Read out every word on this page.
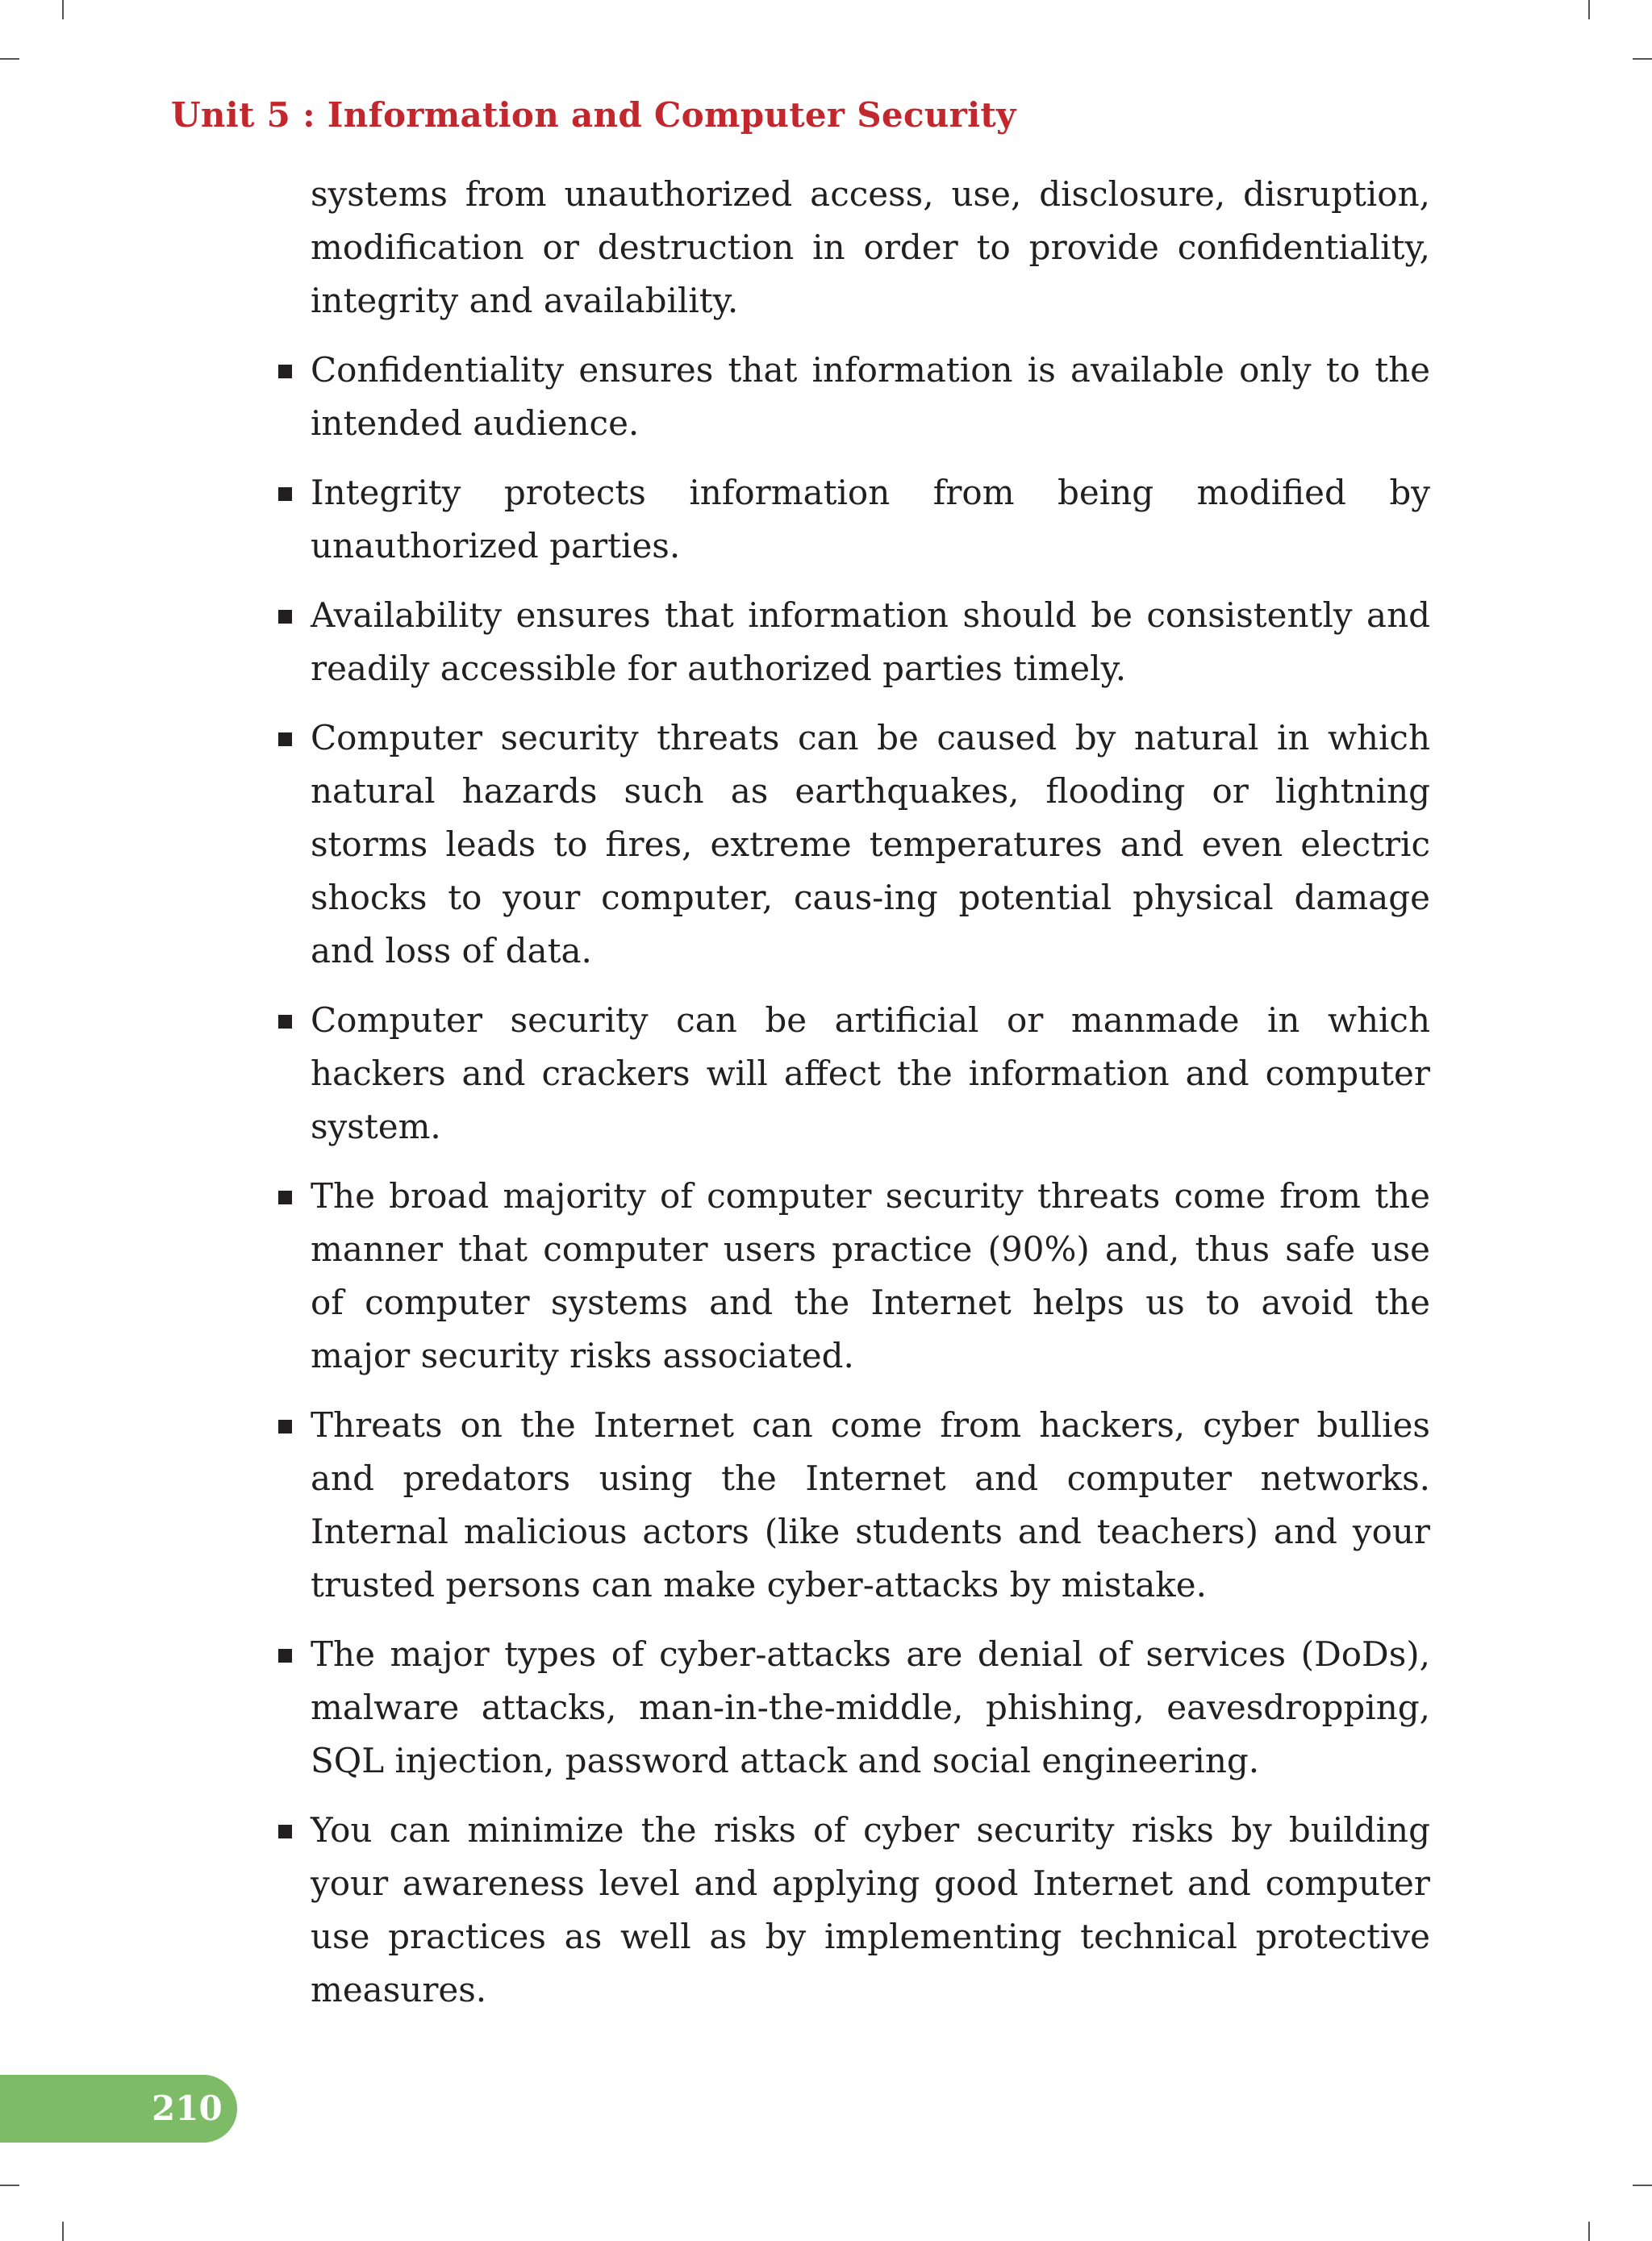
Unit 5 : Information and Computer Security

systems from unauthorized access, use, disclosure, disruption, modification or destruction in order to provide confidentiality, integrity and availability.

Confidentiality ensures that information is available only to the intended audience.
Integrity protects information from being modified by unauthorized parties.
Availability ensures that information should be consistently and readily accessible for authorized parties timely.
Computer security threats can be caused by natural in which natural hazards such as earthquakes, flooding or lightning storms leads to fires, extreme temperatures and even electric shocks to your computer, caus-ing potential physical damage and loss of data.
Computer security can be artificial or manmade in which hackers and crackers will affect the information and computer system.
The broad majority of computer security threats come from the manner that computer users practice (90%) and, thus safe use of computer systems and the Internet helps us to avoid the major security risks associated.
Threats on the Internet can come from hackers, cyber bullies and predators using the Internet and computer networks. Internal malicious actors (like students and teachers) and your trusted persons can make cyber-attacks by mistake.
The major types of cyber-attacks are denial of services (DoDs), malware attacks, man-in-the-middle, phishing, eavesdropping, SQL injection, password attack and social engineering.
You can minimize the risks of cyber security risks by building your awareness level and applying good Internet and computer use practices as well as by implementing technical protective measures.
210
